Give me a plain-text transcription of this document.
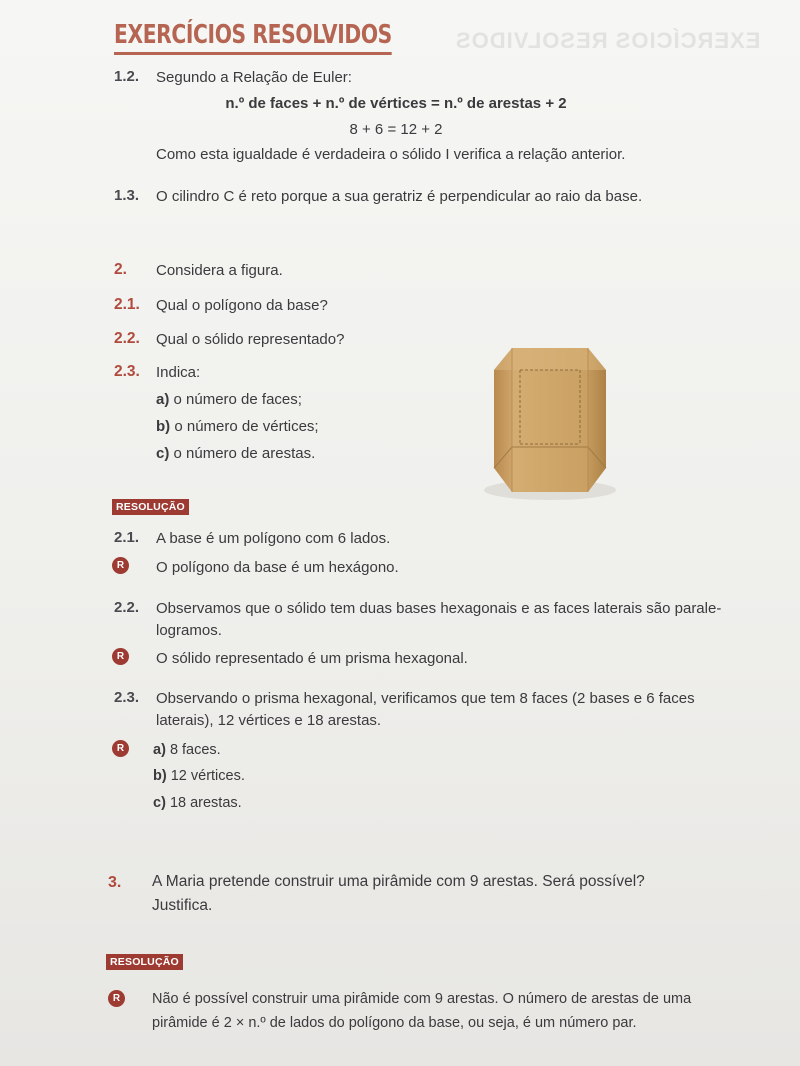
EXERCÍCIOS RESOLVIDOS
EXERCÍCIOS RESOLVIDOS
1.2. Segundo a Relação de Euler:
n.º de faces + n.º de vértices = n.º de arestas + 2
8 + 6 = 12 + 2
Como esta igualdade é verdadeira o sólido I verifica a relação anterior.
1.3. O cilindro C é reto porque a sua geratriz é perpendicular ao raio da base.
2. Considera a figura.
2.1. Qual o polígono da base?
2.2. Qual o sólido representado?
2.3. Indica:
a) o número de faces;
b) o número de vértices;
c) o número de arestas.
RESOLUÇÃO
2.1. A base é um polígono com 6 lados.
R	O polígono da base é um hexágono.
2.2. Observamos que o sólido tem duas bases hexagonais e as faces laterais são parale-
logramos.
R	O sólido representado é um prisma hexagonal.
2.3. Observando o prisma hexagonal, verificamos que tem 8 faces (2 bases e 6 faces
laterais), 12 vértices e 18 arestas.
R	a) 8 faces.
b) 12 vértices.
c) 18 arestas.
3. A Maria pretende construir uma pirâmide com 9 arestas. Será possível?
Justifica.
RESOLUÇÃO
R	Não é possível construir uma pirâmide com 9 arestas. O número de arestas de uma
pirâmide é 2 × n.º de lados do polígono da base, ou seja, é um número par.
